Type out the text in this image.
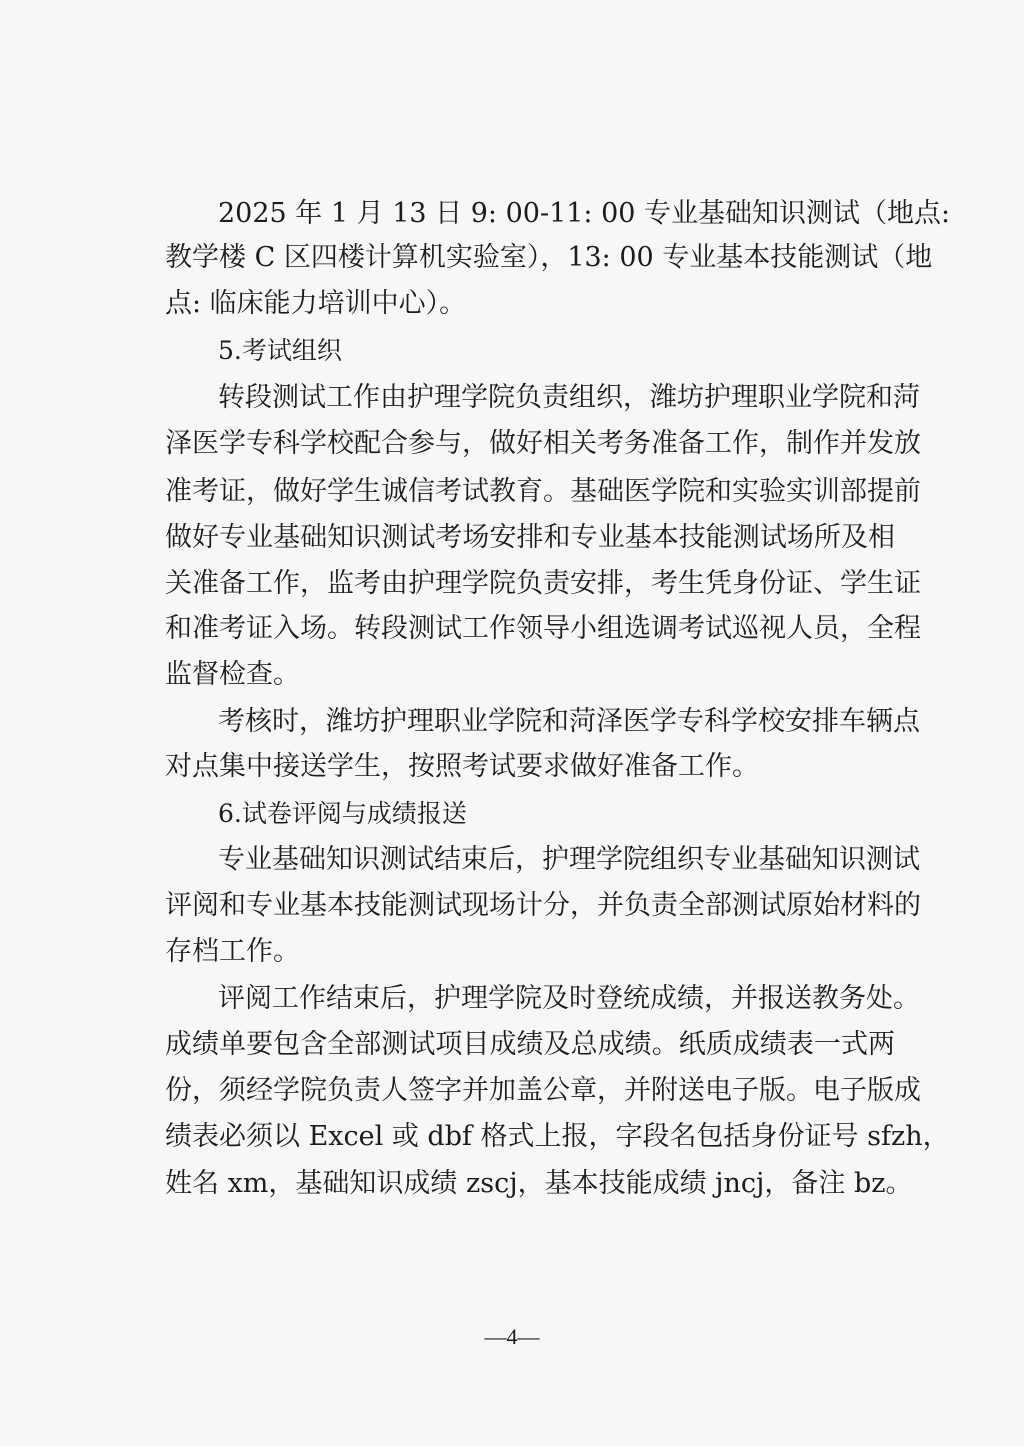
2025 年 1 月 13 日 9: 00-11: 00 专业基础知识测试（地点:
教学楼 C 区四楼计算机实验室），13: 00 专业基本技能测试（地
点: 临床能力培训中心）。
5.考试组织
转段测试工作由护理学院负责组织，潍坊护理职业学院和菏
泽医学专科学校配合参与，做好相关考务准备工作，制作并发放
准考证，做好学生诚信考试教育。基础医学院和实验实训部提前
做好专业基础知识测试考场安排和专业基本技能测试场所及相
关准备工作，监考由护理学院负责安排，考生凭身份证、学生证
和准考证入场。转段测试工作领导小组选调考试巡视人员，全程
监督检查。
考核时，潍坊护理职业学院和菏泽医学专科学校安排车辆点
对点集中接送学生，按照考试要求做好准备工作。
6.试卷评阅与成绩报送
专业基础知识测试结束后，护理学院组织专业基础知识测试
评阅和专业基本技能测试现场计分，并负责全部测试原始材料的
存档工作。
评阅工作结束后，护理学院及时登统成绩，并报送教务处。
成绩单要包含全部测试项目成绩及总成绩。纸质成绩表一式两
份，须经学院负责人签字并加盖公章，并附送电子版。电子版成
绩表必须以 Excel 或 dbf 格式上报，字段名包括身份证号 sfzh，
姓名 xm，基础知识成绩 zscj，基本技能成绩 jncj，备注 bz。
—4—
